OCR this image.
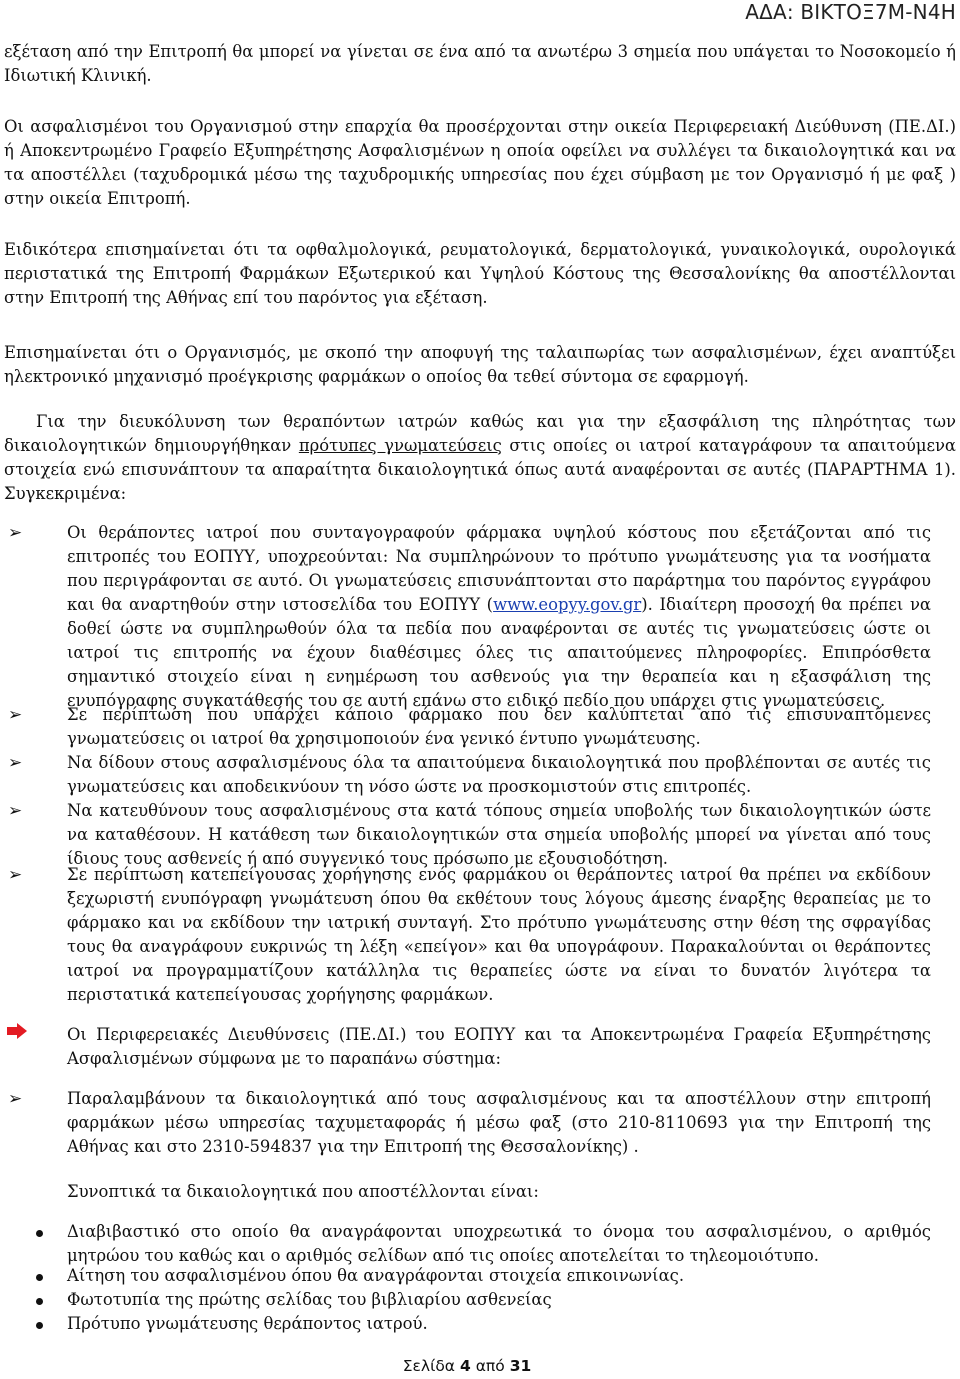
ΑΔΑ: ΒΙΚΤΟΞ7Μ-Ν4Η

εξέταση από την Επιτροπή θα μπορεί να γίνεται σε ένα από τα ανωτέρω 3 σημεία που υπάγεται το Νοσοκομείο ή Ιδιωτική Κλινική.

Οι ασφαλισμένοι του Οργανισμού στην επαρχία θα προσέρχονται στην οικεία Περιφερειακή Διεύθυνση (ΠΕ.ΔΙ.) ή Αποκεντρωμένο Γραφείο Εξυπηρέτησης Ασφαλισμένων η οποία οφείλει να συλλέγει τα δικαιολογητικά και να τα αποστέλλει (ταχυδρομικά μέσω της ταχυδρομικής υπηρεσίας που έχει σύμβαση με τον Οργανισμό ή με φαξ ) στην οικεία Επιτροπή.

Ειδικότερα επισημαίνεται ότι τα οφθαλμολογικά, ρευματολογικά, δερματολογικά, γυναικολογικά, ουρολογικά περιστατικά της Επιτροπή Φαρμάκων Εξωτερικού και Υψηλού Κόστους της Θεσσαλονίκης θα αποστέλλονται στην Επιτροπή της Αθήνας επί του παρόντος για εξέταση.

Επισημαίνεται ότι ο Οργανισμός, με σκοπό την αποφυγή της ταλαιπωρίας των ασφαλισμένων, έχει αναπτύξει ηλεκτρονικό μηχανισμό προέγκρισης φαρμάκων ο οποίος θα τεθεί σύντομα σε εφαρμογή.

Για την διευκόλυνση των θεραπόντων ιατρών καθώς και για την εξασφάλιση της πληρότητας των δικαιολογητικών δημιουργήθηκαν πρότυπες γνωματεύσεις στις οποίες οι ιατροί καταγράφουν τα απαιτούμενα στοιχεία ενώ επισυνάπτουν τα απαραίτητα δικαιολογητικά όπως αυτά αναφέρονται σε αυτές (ΠΑΡΑΡΤΗΜΑ 1). Συγκεκριμένα:

➢	Οι θεράποντες ιατροί που συνταγογραφούν φάρμακα υψηλού κόστους που εξετάζονται από τις επιτροπές του ΕΟΠΥΥ, υποχρεούνται: Να συμπληρώνουν το πρότυπο γνωμάτευσης για τα νοσήματα που περιγράφονται σε αυτό. Οι γνωματεύσεις επισυνάπτονται στο παράρτημα του παρόντος εγγράφου και θα αναρτηθούν στην ιστοσελίδα του ΕΟΠΥΥ (www.eopyy.gov.gr). Ιδιαίτερη προσοχή θα πρέπει να δοθεί ώστε να συμπληρωθούν όλα τα πεδία που αναφέρονται σε αυτές τις γνωματεύσεις ώστε οι ιατροί τις επιτροπής να έχουν διαθέσιμες όλες τις απαιτούμενες πληροφορίες. Επιπρόσθετα σημαντικό στοιχείο είναι η ενημέρωση του ασθενούς για την θεραπεία και η εξασφάλιση της ενυπόγραφης συγκατάθεσής του σε αυτή επάνω στο ειδικό πεδίο που υπάρχει στις γνωματεύσεις.

➢	Σε περίπτωση που υπάρχει κάποιο φάρμακο που δεν καλύπτεται από τις επισυναπτόμενες γνωματεύσεις οι ιατροί θα χρησιμοποιούν ένα γενικό έντυπο γνωμάτευσης.

➢	Να δίδουν στους ασφαλισμένους όλα τα απαιτούμενα δικαιολογητικά που προβλέπονται σε αυτές τις γνωματεύσεις και αποδεικνύουν τη νόσο ώστε να προσκομιστούν στις επιτροπές.

➢	Να κατευθύνουν τους ασφαλισμένους στα κατά τόπους σημεία υποβολής των δικαιολογητικών ώστε να καταθέσουν. Η κατάθεση των δικαιολογητικών στα σημεία υποβολής μπορεί να γίνεται από τους ίδιους τους ασθενείς ή από συγγενικό τους πρόσωπο με εξουσιοδότηση.

➢	Σε περίπτωση κατεπείγουσας χορήγησης ενός φαρμάκου οι θεράποντες ιατροί θα πρέπει να εκδίδουν ξεχωριστή ενυπόγραφη γνωμάτευση όπου θα εκθέτουν τους λόγους άμεσης έναρξης θεραπείας με το φάρμακο και να εκδίδουν την ιατρική συνταγή. Στο πρότυπο γνωμάτευσης στην θέση της σφραγίδας τους θα αναγράφουν ευκρινώς τη λέξη «επείγον» και θα υπογράφουν. Παρακαλούνται οι θεράποντες ιατροί να προγραμματίζουν κατάλληλα τις θεραπείες ώστε να είναι το δυνατόν λιγότερα τα περιστατικά κατεπείγουσας χορήγησης φαρμάκων.

Οι Περιφερειακές Διευθύνσεις (ΠΕ.ΔΙ.) του ΕΟΠΥΥ και τα Αποκεντρωμένα Γραφεία Εξυπηρέτησης Ασφαλισμένων σύμφωνα με το παραπάνω σύστημα:

➢	Παραλαμβάνουν τα δικαιολογητικά από τους ασφαλισμένους και τα αποστέλλουν στην επιτροπή φαρμάκων μέσω υπηρεσίας ταχυμεταφοράς ή μέσω φαξ (στο 210-8110693 για την Επιτροπή της Αθήνας και στο 2310-594837 για την Επιτροπή της Θεσσαλονίκης) .

Συνοπτικά τα δικαιολογητικά που αποστέλλονται είναι:

Διαβιβαστικό στο οποίο θα αναγράφονται υποχρεωτικά το όνομα του ασφαλισμένου, ο αριθμός μητρώου του καθώς και ο αριθμός σελίδων από τις οποίες αποτελείται το τηλεομοιότυπο.

Αίτηση του ασφαλισμένου όπου θα αναγράφονται στοιχεία επικοινωνίας.

Φωτοτυπία της πρώτης σελίδας του βιβλιαρίου ασθενείας

Πρότυπο γνωμάτευσης θεράποντος ιατρού.

Σελίδα 4 από 31
